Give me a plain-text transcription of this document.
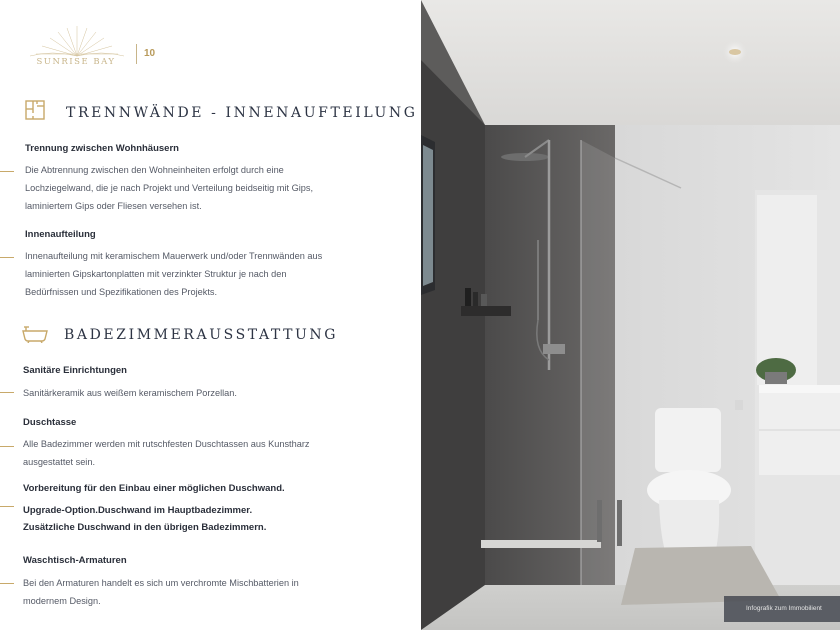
SUNRISE BAY
10
TRENNWÄNDE - INNENAUFTEILUNG
Trennung zwischen Wohnhäusern
Die Abtrennung zwischen den Wohneinheiten erfolgt durch eine
Lochziegelwand, die je nach Projekt und Verteilung beidseitig mit Gips,
laminiertem Gips oder Fliesen versehen ist.
Innenaufteilung
Innenaufteilung mit keramischem Mauerwerk und/oder Trennwänden aus
laminierten Gipskartonplatten mit verzinkter Struktur je nach den
Bedürfnissen und Spezifikationen des Projekts.
BADEZIMMERAUSSTATTUNG
Sanitäre Einrichtungen
Sanitärkeramik aus weißem keramischem Porzellan.
Duschtasse
Alle Badezimmer werden mit rutschfesten Duschtassen aus Kunstharz
ausgestattet sein.
Vorbereitung für den Einbau einer möglichen Duschwand.
Upgrade-Option.Duschwand im Hauptbadezimmer.
Zusätzliche Duschwand in den übrigen Badezimmern.
Waschtisch-Armaturen
Bei den Armaturen handelt es sich um verchromte Mischbatterien in
modernem Design.
Infografik zum Immobilient
